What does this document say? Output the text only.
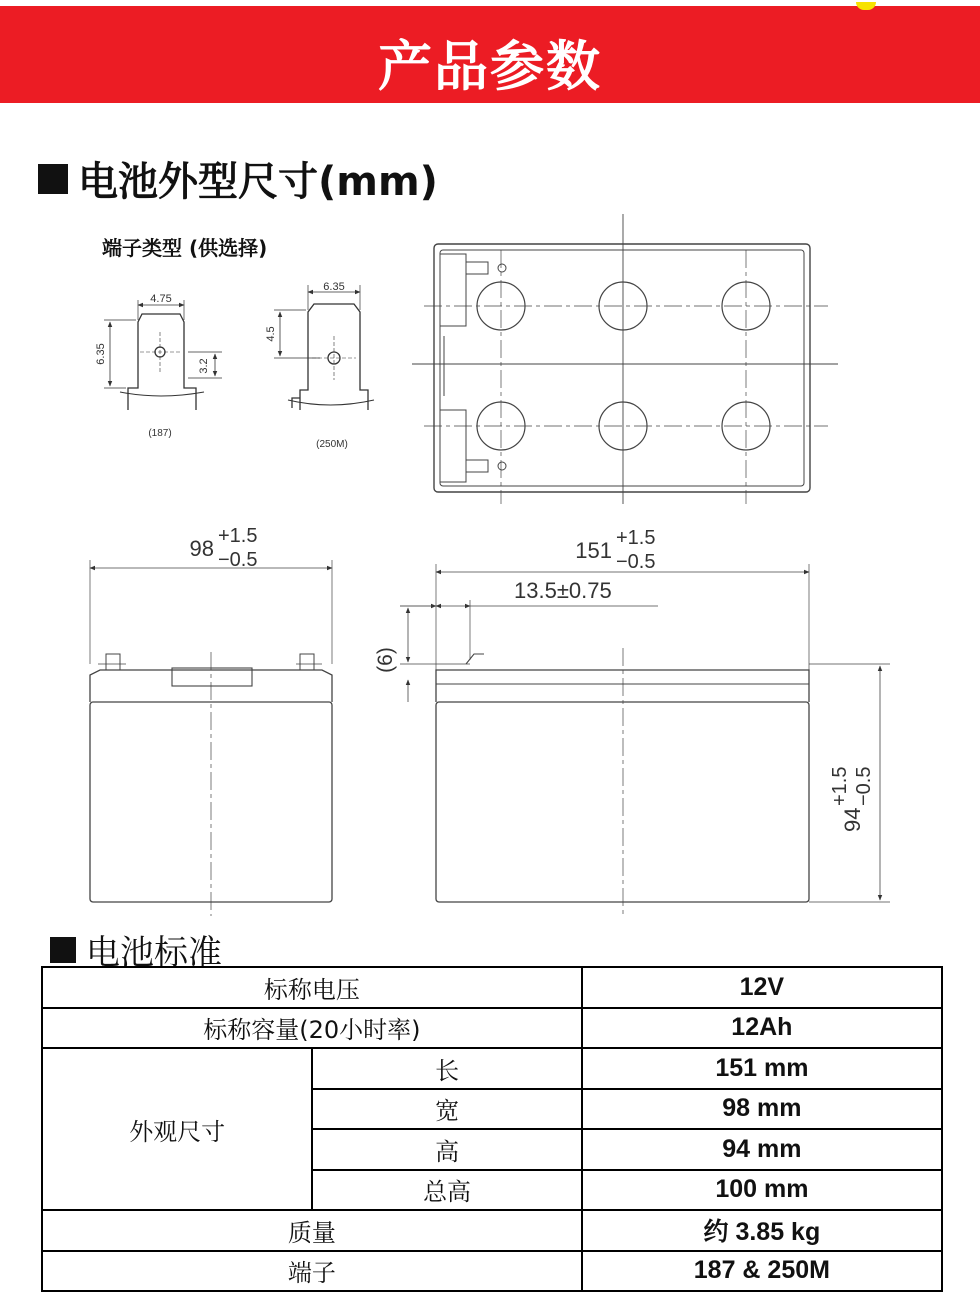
产品参数
电池外型尺寸(mm)
端子类型 (供选择)
4.75
6.35
3.2
(187)
6.35
4.5
(250M)
98 +1.5
−0.5	151 +1.5
−0.5
13.5±0.75
(6)
94
+1.5 −0.5
电池标准
标称电压		12V
标称容量(20小时率)		12Ah
外观尺寸	长	151 mm
	宽	98 mm
	高	94 mm
	总高	100 mm
质量		约 3.85 kg
端子		187 & 250M
